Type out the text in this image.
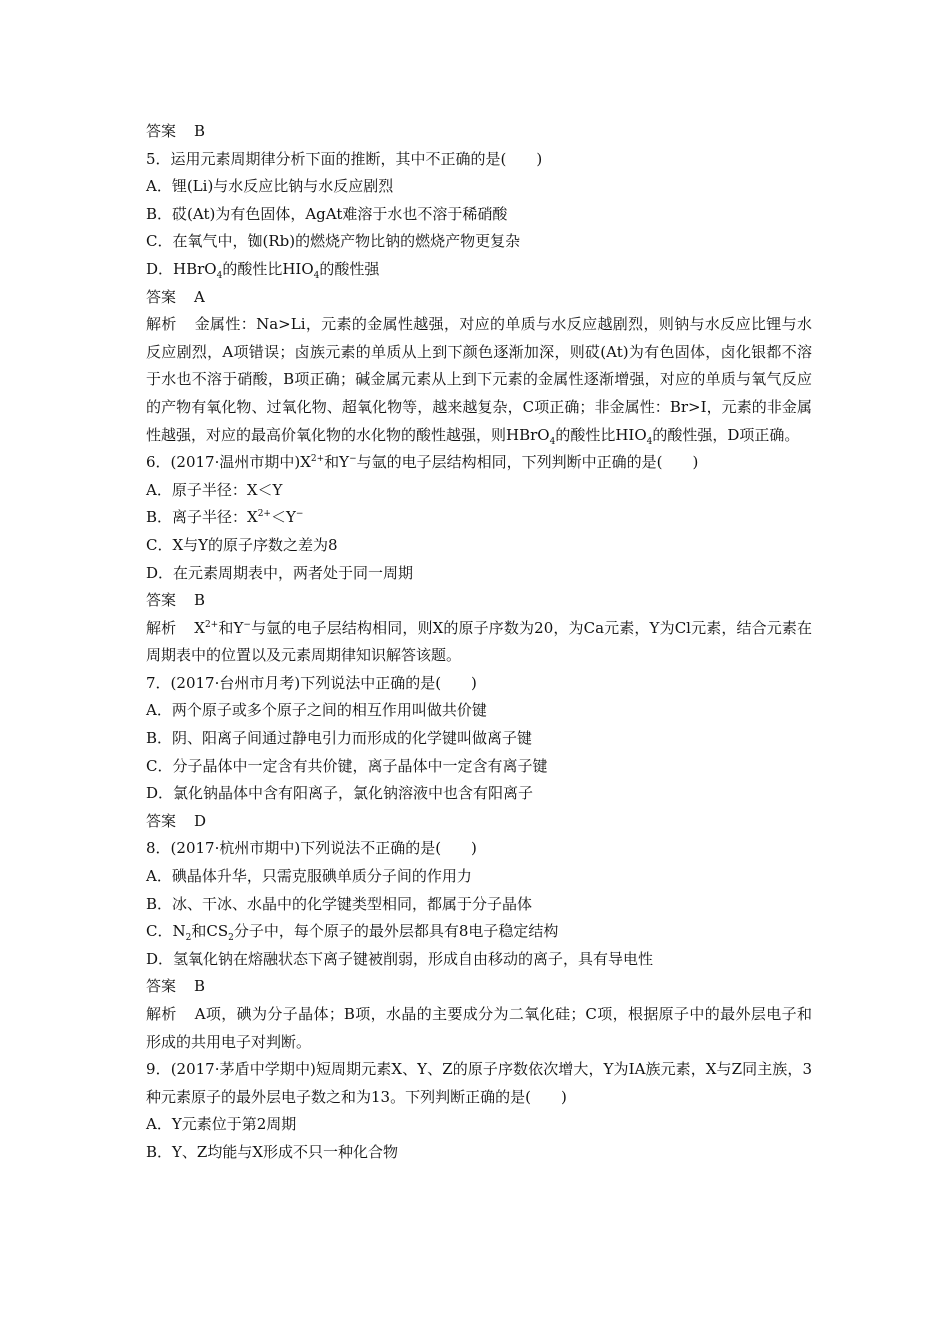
答案 B
5．运用元素周期律分析下面的推断，其中不正确的是(　　)
A．锂(Li)与水反应比钠与水反应剧烈
B．砹(At)为有色固体，AgAt难溶于水也不溶于稀硝酸
C．在氧气中，铷(Rb)的燃烧产物比钠的燃烧产物更复杂
D．HBrO$_4$的酸性比$HIO_4$的酸性强
答案 A
解析 金属性：Na>Li，元素的金属性越强，对应的单质与水反应越剧烈，则钠与水反应比锂与水反应剧烈，A项错误；卤族元素的单质从上到下颜色逐渐加深，则砹(At)为有色固体，卤化银都不溶于水也不溶于硝酸，B项正确；碱金属元素从上到下元素的金属性逐渐增强，对应的单质与氧气反应的产物有氧化物、过氧化物、超氧化物等，越来越复杂，C项正确；非金属性：Br>I，元素的非金属性越强，对应的最高价氧化物的水化物的酸性越强，则HBrO$_4$的酸性比$HIO_4$的酸性强，D项正确。
6．(2017·温州市期中)$X^{2+}$和Y−与氩的电子层结构相同，下列判断中正确的是(　　)
A．原子半径：X＜Y
B．离子半径：$X^{2+}<Y^-$
C．X与Y的原子序数之差为8
D．在元素周期表中，两者处于同一周期
答案 B
解析 $X^{2+}$和Y−与氩的电子层结构相同，则X的原子序数为20，为Ca元素，Y为Cl元素，结合元素在周期表中的位置以及元素周期律知识解答该题。
7．(2017·台州市月考)下列说法中正确的是(　　)
A．两个原子或多个原子之间的相互作用叫做共价键
B．阴、阳离子间通过静电引力而形成的化学键叫做离子键
C．分子晶体中一定含有共价键，离子晶体中一定含有离子键
D．氯化钠晶体中含有阳离子，氯化钠溶液中也含有阳离子
答案 D
8．(2017·杭州市期中)下列说法不正确的是(　　)
A．碘晶体升华，只需克服碘单质分子间的作用力
B．冰、干冰、水晶中的化学键类型相同，都属于分子晶体
C．$N_2$和$CS_2$分子中，每个原子的最外层都具有8电子稳定结构
D．氢氧化钠在熔融状态下离子键被削弱，形成自由移动的离子，具有导电性
答案 B
解析 A项，碘为分子晶体；B项，水晶的主要成分为二氧化硅；C项，根据原子中的最外层电子和形成的共用电子对判断。
9．(2017·茅盾中学期中)短周期元素X、Y、Z的原子序数依次增大，Y为ⅠA族元素，X与Z同主族，3种元素原子的最外层电子数之和为13。下列判断正确的是(　　)
A．Y元素位于第2周期
B．Y、Z均能与X形成不只一种化合物
